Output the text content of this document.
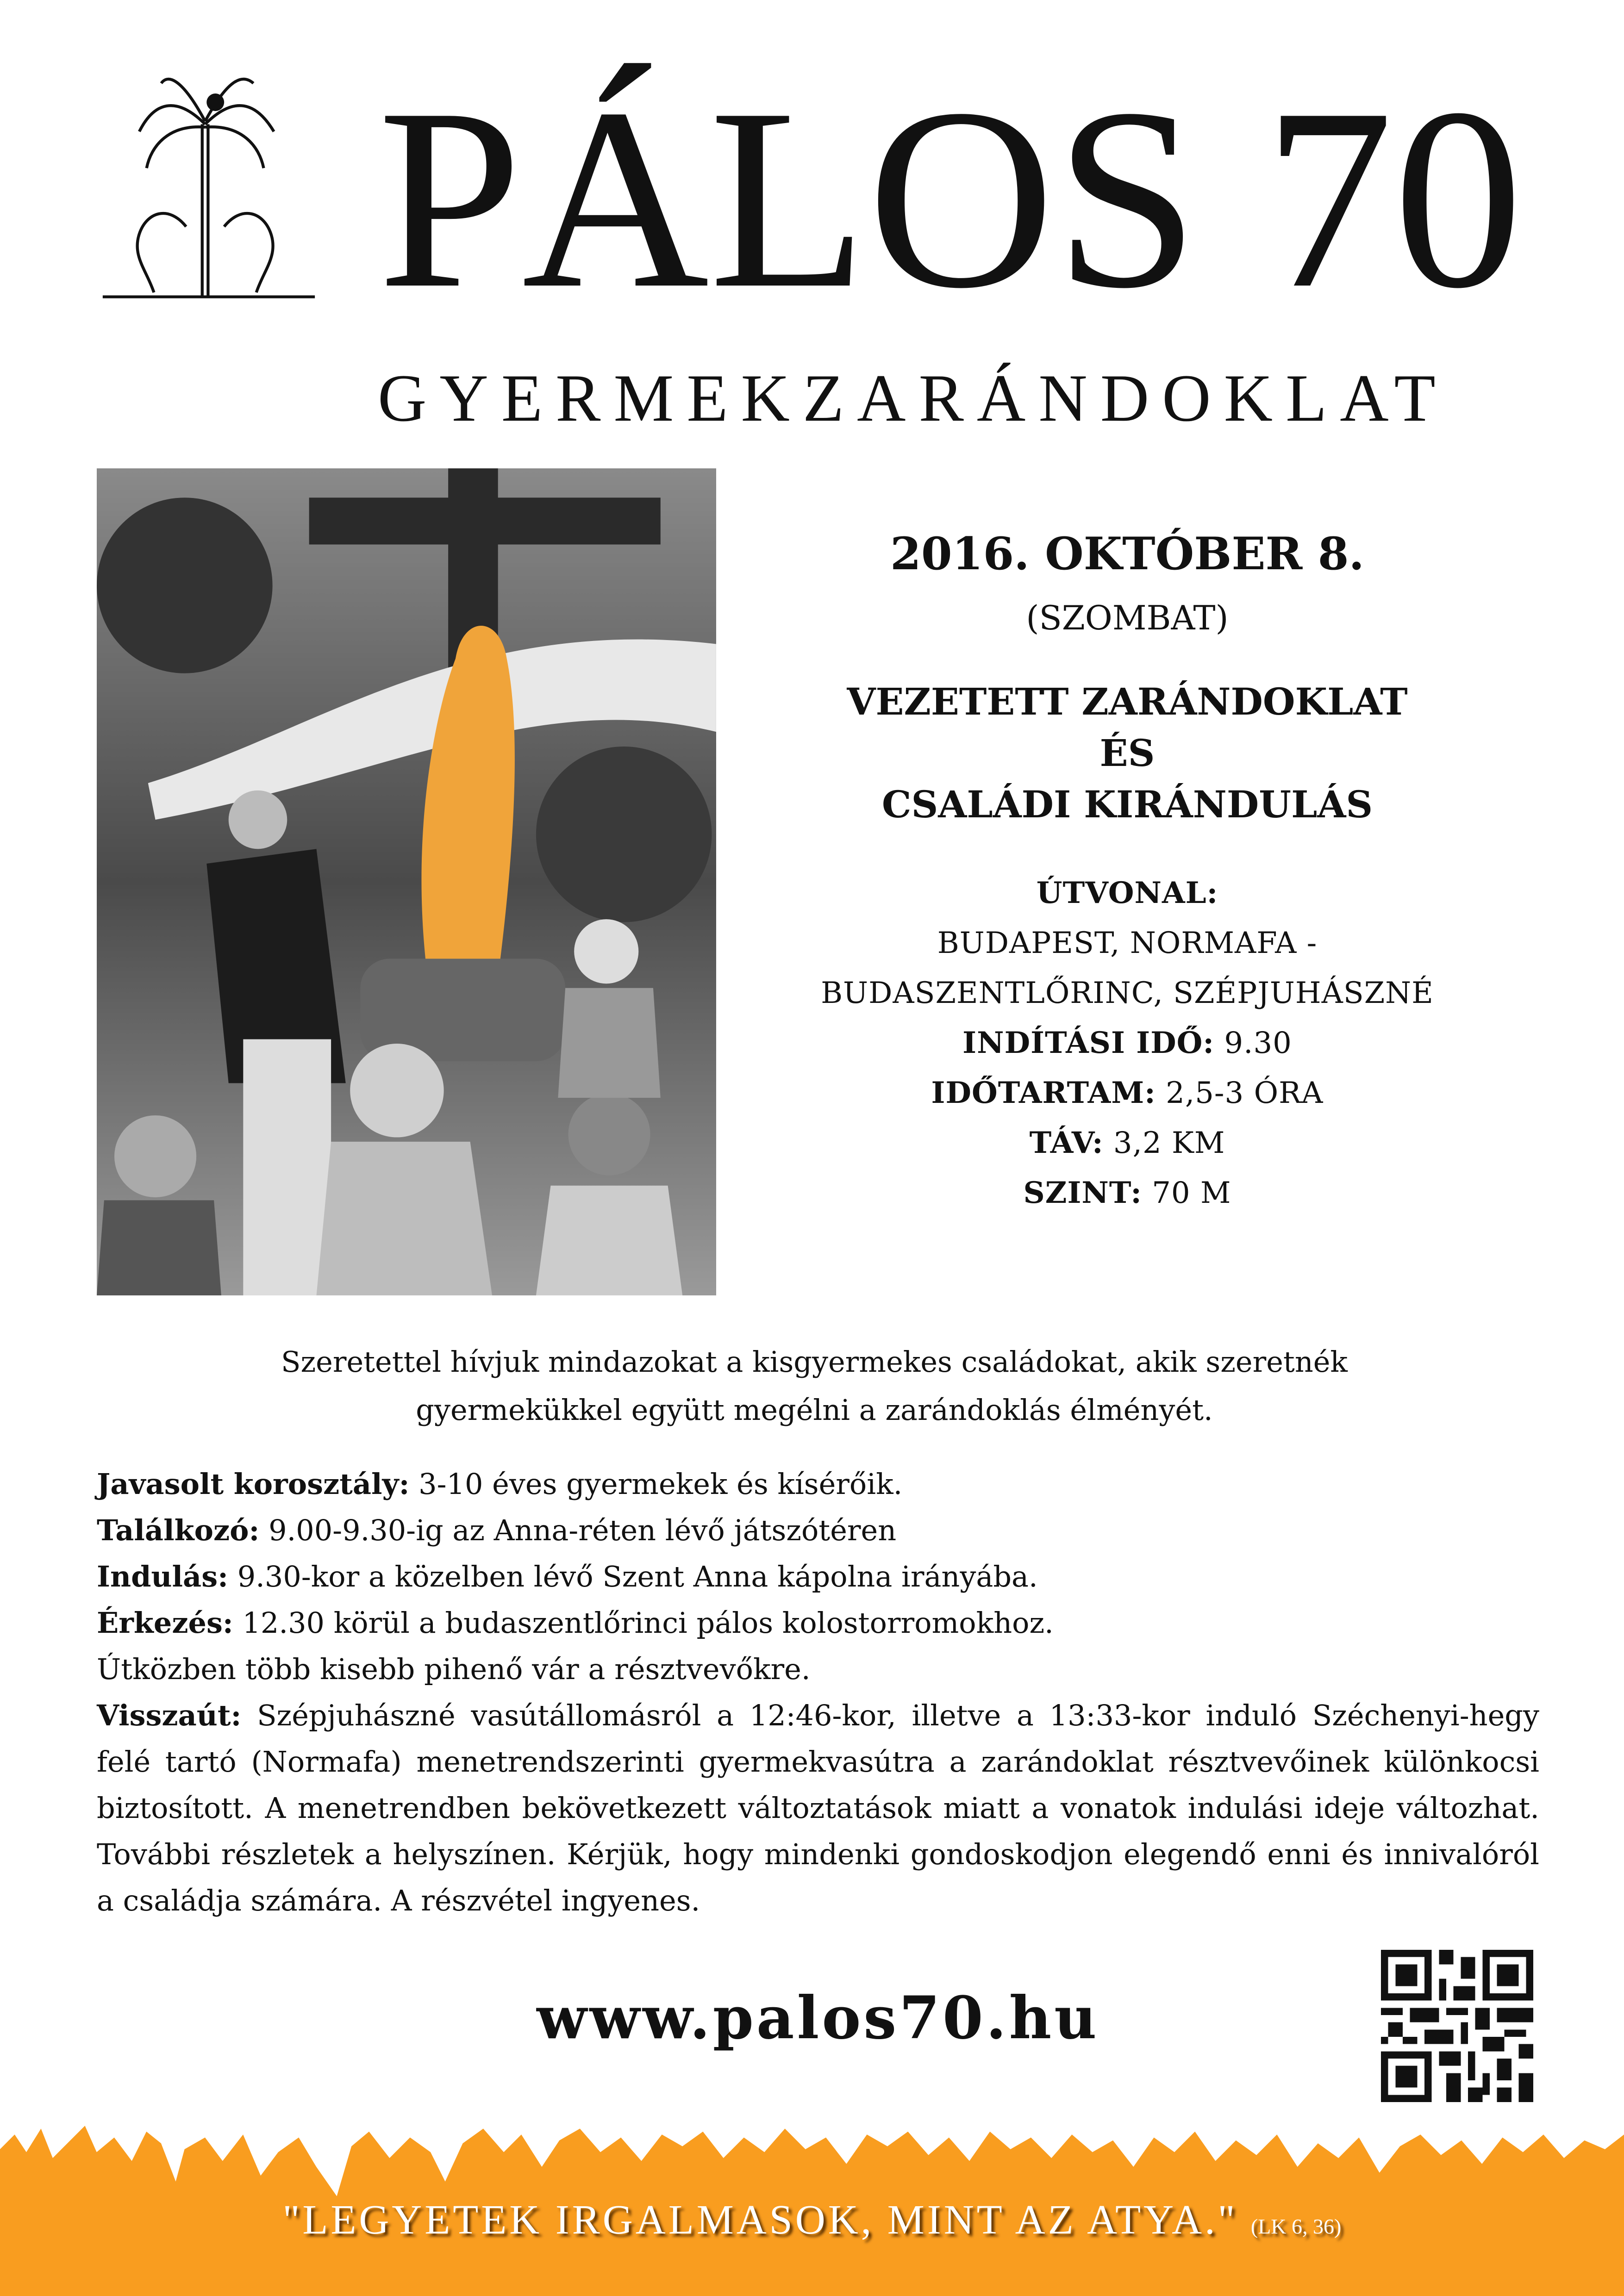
PÁLOS 70
GYERMEKZARÁNDOKLAT
2016. OKTÓBER 8.
(SZOMBAT)
VEZETETT ZARÁNDOKLAT
ÉS
CSALÁDI KIRÁNDULÁS
ÚTVONAL:
BUDAPEST, NORMAFA -
BUDASZENTLŐRINC, SZÉPJUHÁSZNÉ
INDÍTÁSI IDŐ: 9.30
IDŐTARTAM: 2,5-3 ÓRA
TÁV: 3,2 KM
SZINT: 70 M
Szeretettel hívjuk mindazokat a kisgyermekes családokat, akik szeretnék
gyermekükkel együtt megélni a zarándoklás élményét.

Javasolt korosztály: 3-10 éves gyermekek és kísérőik.

Találkozó: 9.00-9.30-ig az Anna-réten lévő játszótéren

Indulás: 9.30-kor a közelben lévő Szent Anna kápolna irányába.

Érkezés: 12.30 körül a budaszentlőrinci pálos kolostorromokhoz.

Útközben több kisebb pihenő vár a résztvevőkre.

Visszaút: Szépjuhászné vasútállomásról a 12:46-kor, illetve a 13:33-kor induló Széchenyi-hegy felé tartó (Normafa) menetrendszerinti gyermekvasútra a zarándoklat résztvevőinek különkocsi biztosított. A menetrendben bekövetkezett változtatások miatt a vonatok indulási ideje változhat. További részletek a helyszínen. Kérjük, hogy mindenki gondoskodjon elegendő enni és innivalóról a családja számára. A részvétel ingyenes.

www.palos70.hu
"LEGYETEK IRGALMASOK, MINT AZ ATYA." (LK 6, 36)
